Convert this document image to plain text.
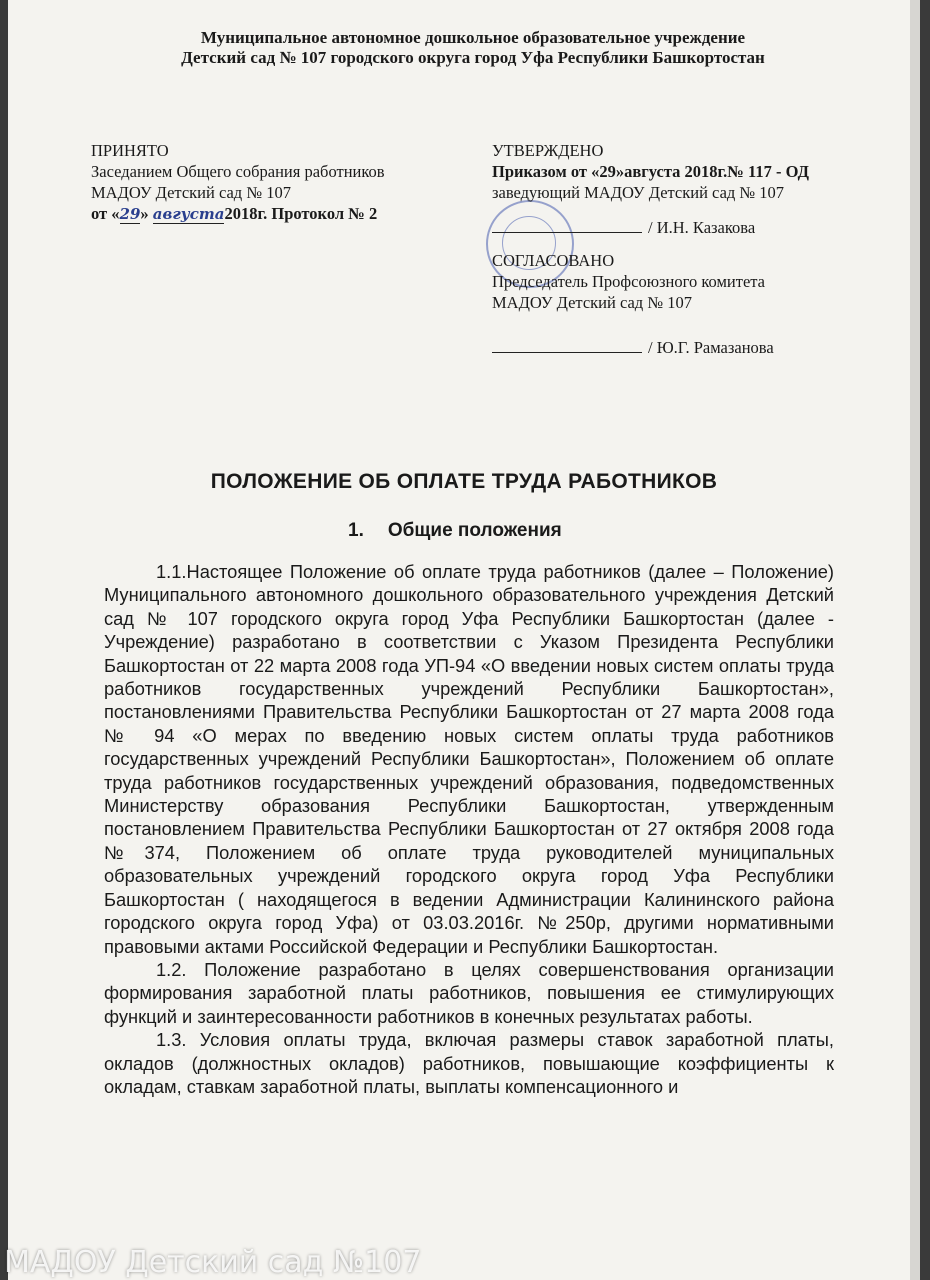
Муниципальное автономное дошкольное образовательное учреждение
Детский сад № 107 городского округа город Уфа Республики Башкортостан
ПРИНЯТО
Заседанием Общего собрания работников
МАДОУ Детский сад № 107
от «29» августа2018г. Протокол № 2
УТВЕРЖДЕНО
Приказом от «29»августа 2018г.№ 117 - ОД
заведующий МАДОУ Детский сад № 107
/ И.Н. Казакова
СОГЛАСОВАНО
Председатель Профсоюзного комитета
МАДОУ Детский сад № 107
/ Ю.Г. Рамазанова
ПОЛОЖЕНИЕ ОБ ОПЛАТЕ ТРУДА РАБОТНИКОВ
1. Общие положения

1.1.Настоящее Положение об оплате труда работников (далее – Положение) Муниципального автономного дошкольного образовательного учреждения Детский сад № 107 городского округа город Уфа Республики Башкортостан (далее - Учреждение) разработано в соответствии с Указом Президента Республики Башкортостан от 22 марта 2008 года УП-94 «О введении новых систем оплаты труда работников государственных учреждений Республики Башкортостан», постановлениями Правительства Республики Башкортостан от 27 марта 2008 года № 94 «О мерах по введению новых систем оплаты труда работников государственных учреждений Республики Башкортостан», Положением об оплате труда работников государственных учреждений образования, подведомственных Министерству образования Республики Башкортостан, утвержденным постановлением Правительства Республики Башкортостан от 27 октября 2008 года №374, Положением об оплате труда руководителей муниципальных образовательных учреждений городского округа город Уфа Республики Башкортостан ( находящегося в ведении Администрации Калининского района городского округа город Уфа) от 03.03.2016г. №250р, другими нормативными правовыми актами Российской Федерации и Республики Башкортостан.

1.2. Положение разработано в целях совершенствования организации формирования заработной платы работников, повышения ее стимулирующих функций и заинтересованности работников в конечных результатах работы.

1.3. Условия оплаты труда, включая размеры ставок заработной платы, окладов (должностных окладов) работников, повышающие коэффициенты к окладам, ставкам заработной платы, выплаты компенсационного и

МАДОУ Детский сад №107
